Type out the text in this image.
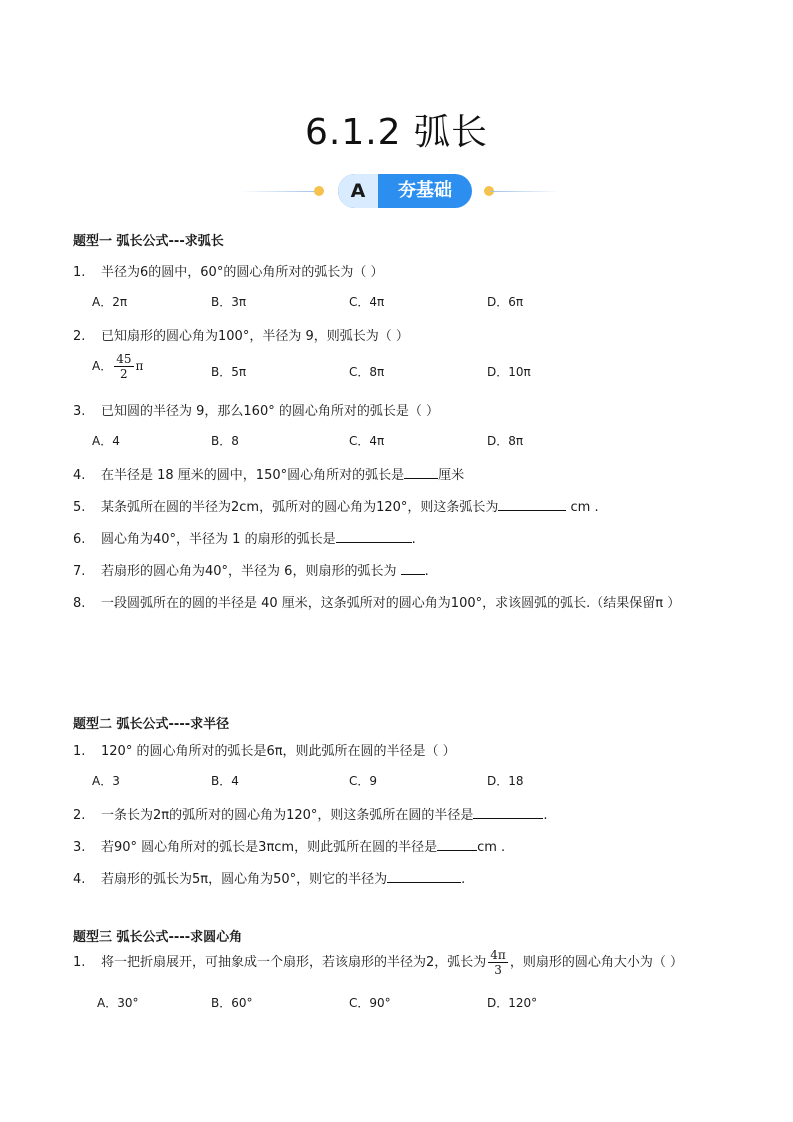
6.1.2 弧长
A	夯基础
题型一 弧长公式---求弧长
1. 半径为6的圆中，60°的圆心角所对的弧长为（ ）
A．2π	B．3π	C．4π	D．6π
2. 已知扇形的圆心角为100°，半径为 9，则弧长为（ ）
A． $\frac{45}{2}$ π	B．5π	C．8π	D．10π
3. 已知圆的半径为 9，那么160° 的圆心角所对的弧长是（ ）
A．4	B．8	C．4π	D．8π
4. 在半径是 18 厘米的圆中，150°圆心角所对的弧长是	厘米
5. 某条弧所在圆的半径为2cm，弧所对的圆心角为120°，则这条弧长为	cm .
6. 圆心角为40°，半径为 1 的扇形的弧长是	.
7. 若扇形的圆心角为40°，半径为 6，则扇形的弧长为 .
8. 一段圆弧所在的圆的半径是 40 厘米，这条弧所对的圆心角为100°，求该圆弧的弧长.（结果保留π ）
题型二 弧长公式----求半径
1. 120° 的圆心角所对的弧长是6π，则此弧所在圆的半径是（ ）
A．3	B．4	C．9	D．18
2. 一条长为2π的弧所对的圆心角为120°，则这条弧所在圆的半径是	.
3. 若90° 圆心角所对的弧长是3πcm，则此弧所在圆的半径是	cm .
4. 若扇形的弧长为5π，圆心角为50°，则它的半径为	.
题型三 弧长公式----求圆心角
1. 将一把折扇展开，可抽象成一个扇形，若该扇形的半径为2，弧长为 $\frac{4\pi}{3}$ ，则扇形的圆心角大小为（ ）
A．30°	B．60°	C．90°	D．120°
